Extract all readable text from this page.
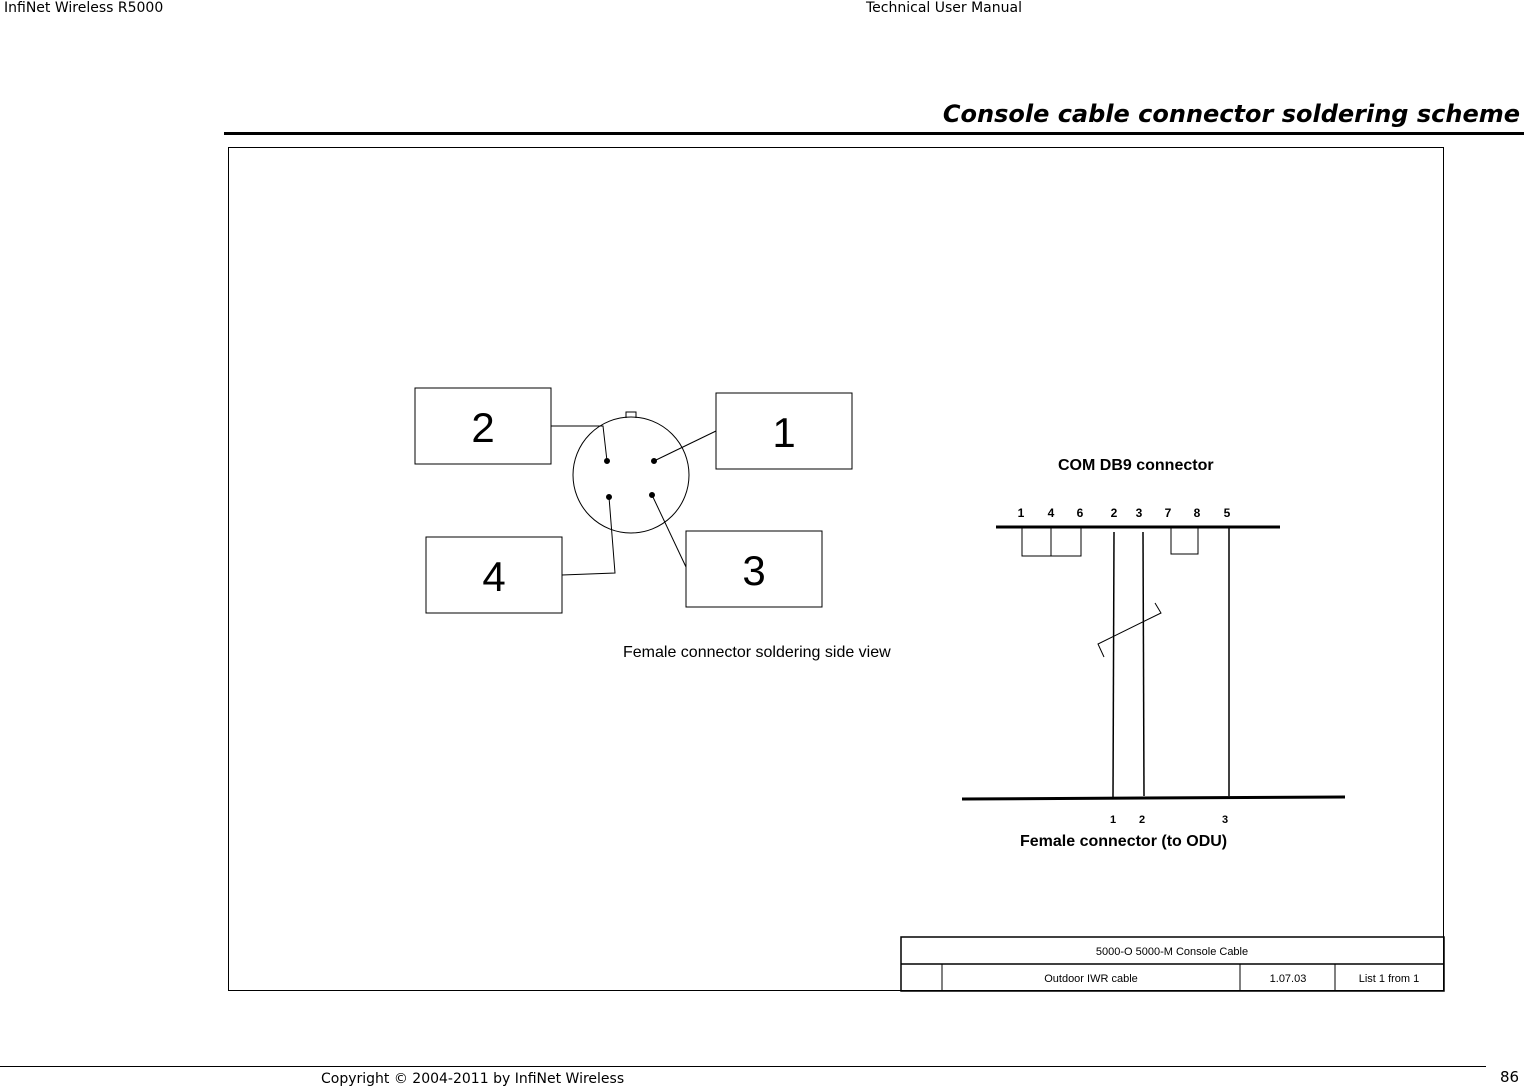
InfiNet Wireless R5000	Technical User Manual
Console cable connector soldering scheme
2	1
4	3
Female connector soldering side view
COM DB9 connector
1 4 6 2 3 7 8 5
1 2	3
Female connector (to ODU)
5000-O 5000-M Console Cable
Outdoor IWR cable	1.07.03	List 1 from 1
Copyright © 2004-2011 by InfiNet Wireless	86
